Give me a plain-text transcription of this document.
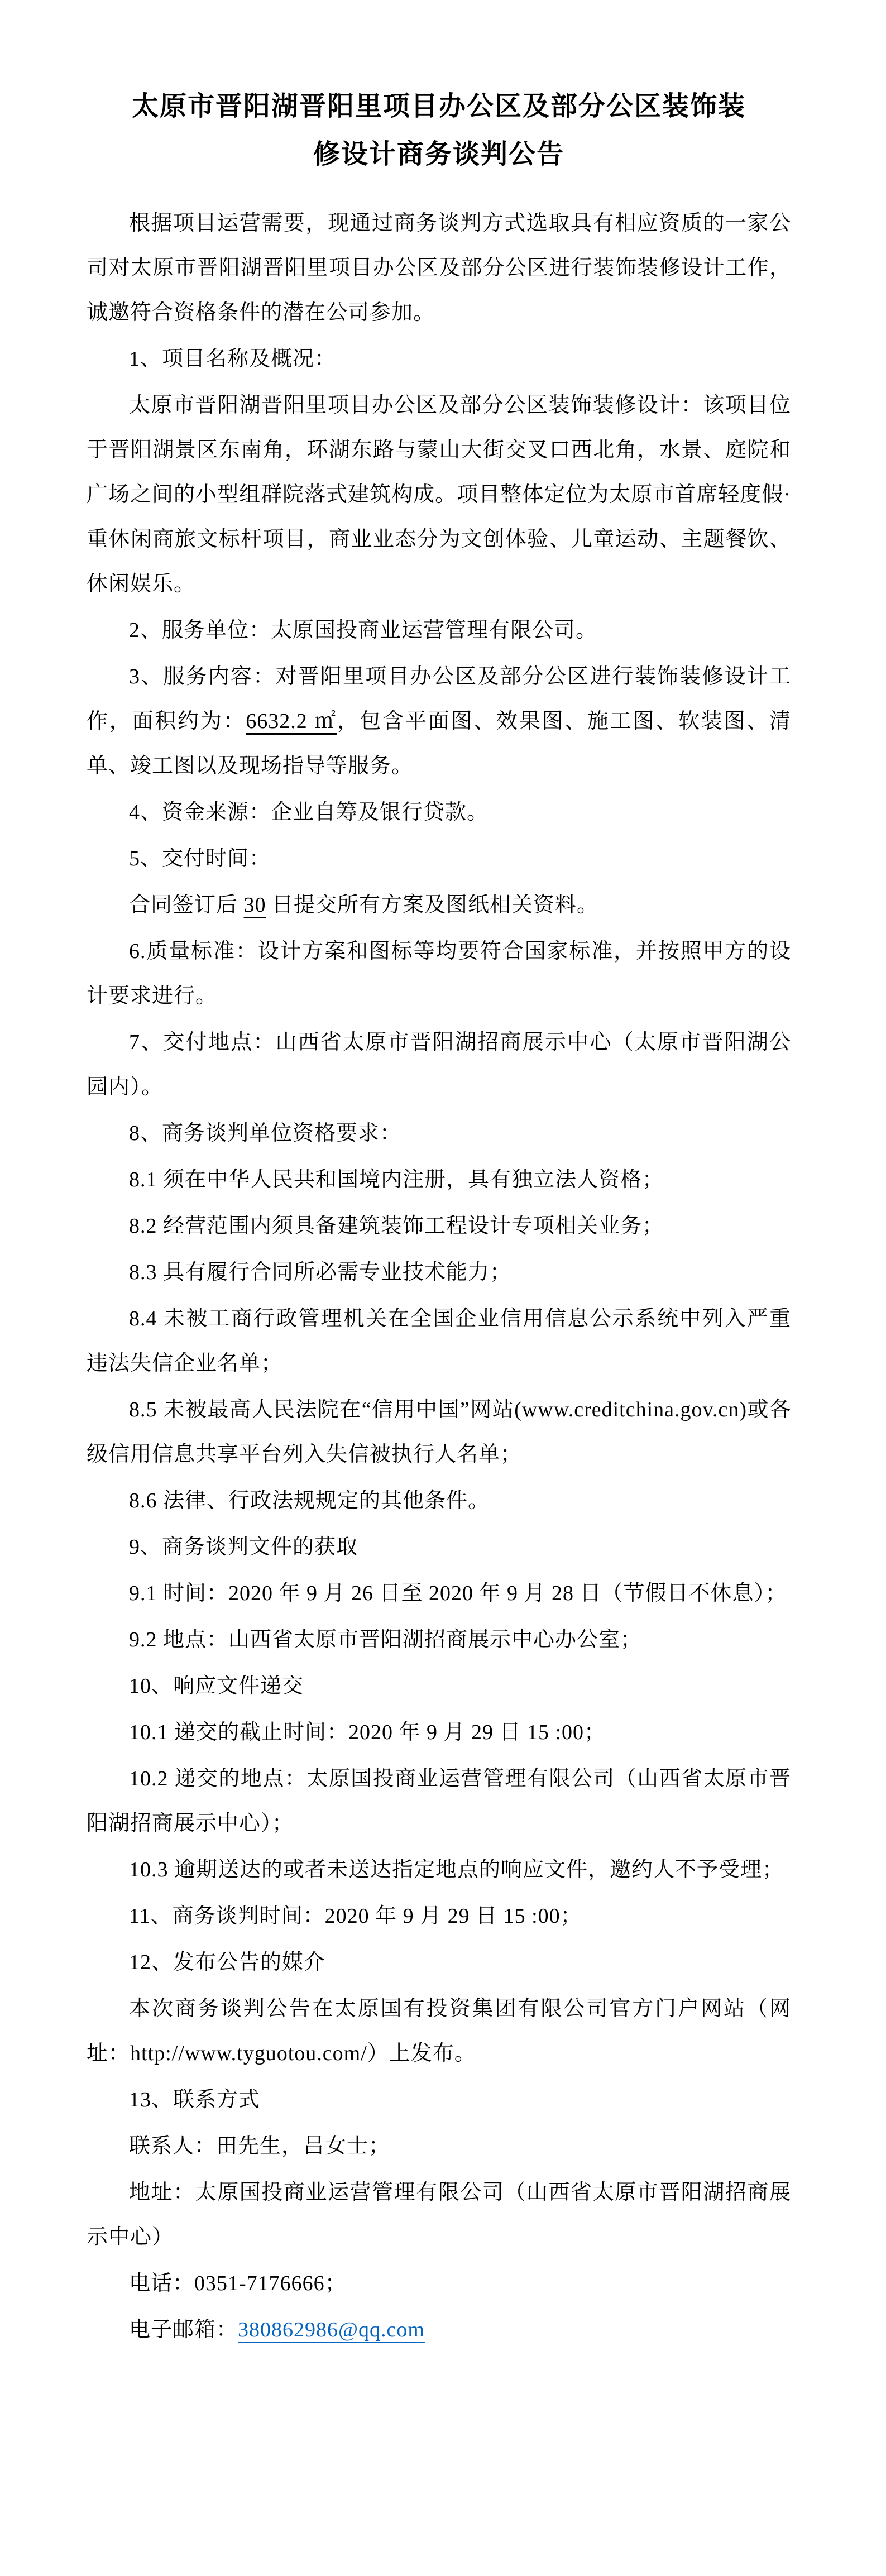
太原市晋阳湖晋阳里项目办公区及部分公区装饰装
修设计商务谈判公告

根据项目运营需要，现通过商务谈判方式选取具有相应资质的一家公司对太原市晋阳湖晋阳里项目办公区及部分公区进行装饰装修设计工作，诚邀符合资格条件的潜在公司参加。

1、项目名称及概况：

太原市晋阳湖晋阳里项目办公区及部分公区装饰装修设计：该项目位于晋阳湖景区东南角，环湖东路与蒙山大街交叉口西北角，水景、庭院和广场之间的小型组群院落式建筑构成。项目整体定位为太原市首席轻度假·重休闲商旅文标杆项目，商业业态分为文创体验、儿童运动、主题餐饮、休闲娱乐。

2、服务单位：太原国投商业运营管理有限公司。

3、服务内容：对晋阳里项目办公区及部分公区进行装饰装修设计工作，面积约为：6632.2 ㎡，包含平面图、效果图、施工图、软装图、清单、竣工图以及现场指导等服务。

4、资金来源：企业自筹及银行贷款。

5、交付时间：

合同签订后 30 日提交所有方案及图纸相关资料。

6.质量标准：设计方案和图标等均要符合国家标准，并按照甲方的设计要求进行。

7、交付地点：山西省太原市晋阳湖招商展示中心（太原市晋阳湖公园内）。

8、商务谈判单位资格要求：

8.1 须在中华人民共和国境内注册，具有独立法人资格；

8.2 经营范围内须具备建筑装饰工程设计专项相关业务；

8.3 具有履行合同所必需专业技术能力；

8.4 未被工商行政管理机关在全国企业信用信息公示系统中列入严重违法失信企业名单；

8.5 未被最高人民法院在“信用中国”网站(www.creditchina.gov.cn)或各级信用信息共享平台列入失信被执行人名单；

8.6 法律、行政法规规定的其他条件。

9、商务谈判文件的获取

9.1 时间：2020 年 9 月 26 日至 2020 年 9 月 28 日（节假日不休息）；

9.2 地点：山西省太原市晋阳湖招商展示中心办公室；

10、响应文件递交

10.1 递交的截止时间：2020 年 9 月 29 日 15 :00；

10.2 递交的地点：太原国投商业运营管理有限公司（山西省太原市晋阳湖招商展示中心）；

10.3 逾期送达的或者未送达指定地点的响应文件，邀约人不予受理；

11、商务谈判时间：2020 年 9 月 29 日 15 :00；

12、发布公告的媒介

本次商务谈判公告在太原国有投资集团有限公司官方门户网站（网址：http://www.tyguotou.com/）上发布。

13、联系方式

联系人：田先生，吕女士；

地址：太原国投商业运营管理有限公司（山西省太原市晋阳湖招商展示中心）

电话：0351-7176666；

电子邮箱：380862986@qq.com
